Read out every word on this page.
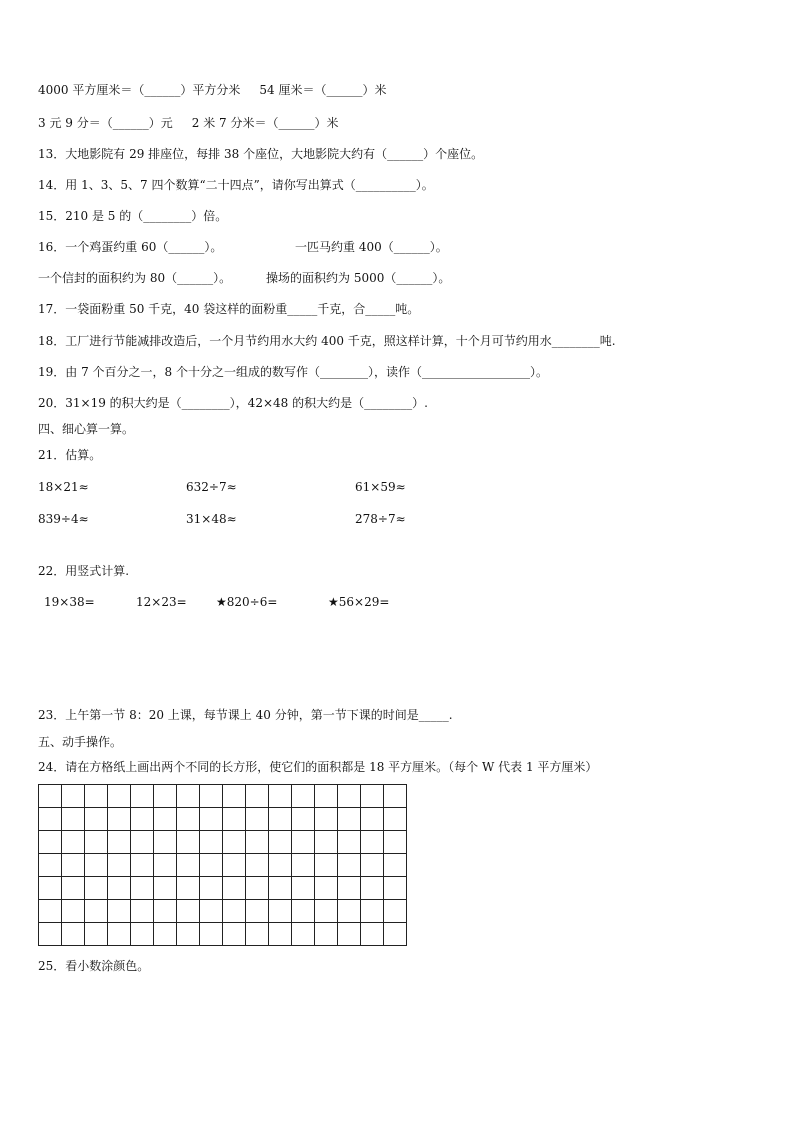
4000 平方厘米＝（______）平方分米     54 厘米＝（______）米
3 元 9 分＝（______）元     2 米 7 分米＝（______）米
13．大地影院有 29 排座位，每排 38 个座位，大地影院大约有（______）个座位。
14．用 1、3、5、7 四个数算“二十四点”，请你写出算式（__________）。
15．210 是 5 的（________）倍。
16．一个鸡蛋约重 60（______）。	一匹马约重 400（______）。
一个信封的面积约为 80（______）。	操场的面积约为 5000（______）。
17．一袋面粉重 50 千克，40 袋这样的面粉重_____千克，合_____吨。
18．工厂进行节能减排改造后，一个月节约用水大约 400 千克，照这样计算，十个月可节约用水________吨.
19．由 7 个百分之一，8 个十分之一组成的数写作（________），读作（__________________）。
20．31×19 的积大约是（________），42×48 的积大约是（________）.
四、细心算一算。
21．估算。
18×21≈	632÷7≈	61×59≈
839÷4≈	31×48≈	278÷7≈
22．用竖式计算.
19×38=	12×23= ★820÷6=	★56×29=
23．上午第一节 8：20 上课，每节课上 40 分钟，第一节下课的时间是_____.
五、动手操作。
24．请在方格纸上画出两个不同的长方形，使它们的面积都是 18 平方厘米。（每个 W 代表 1 平方厘米）
25．看小数涂颜色。
